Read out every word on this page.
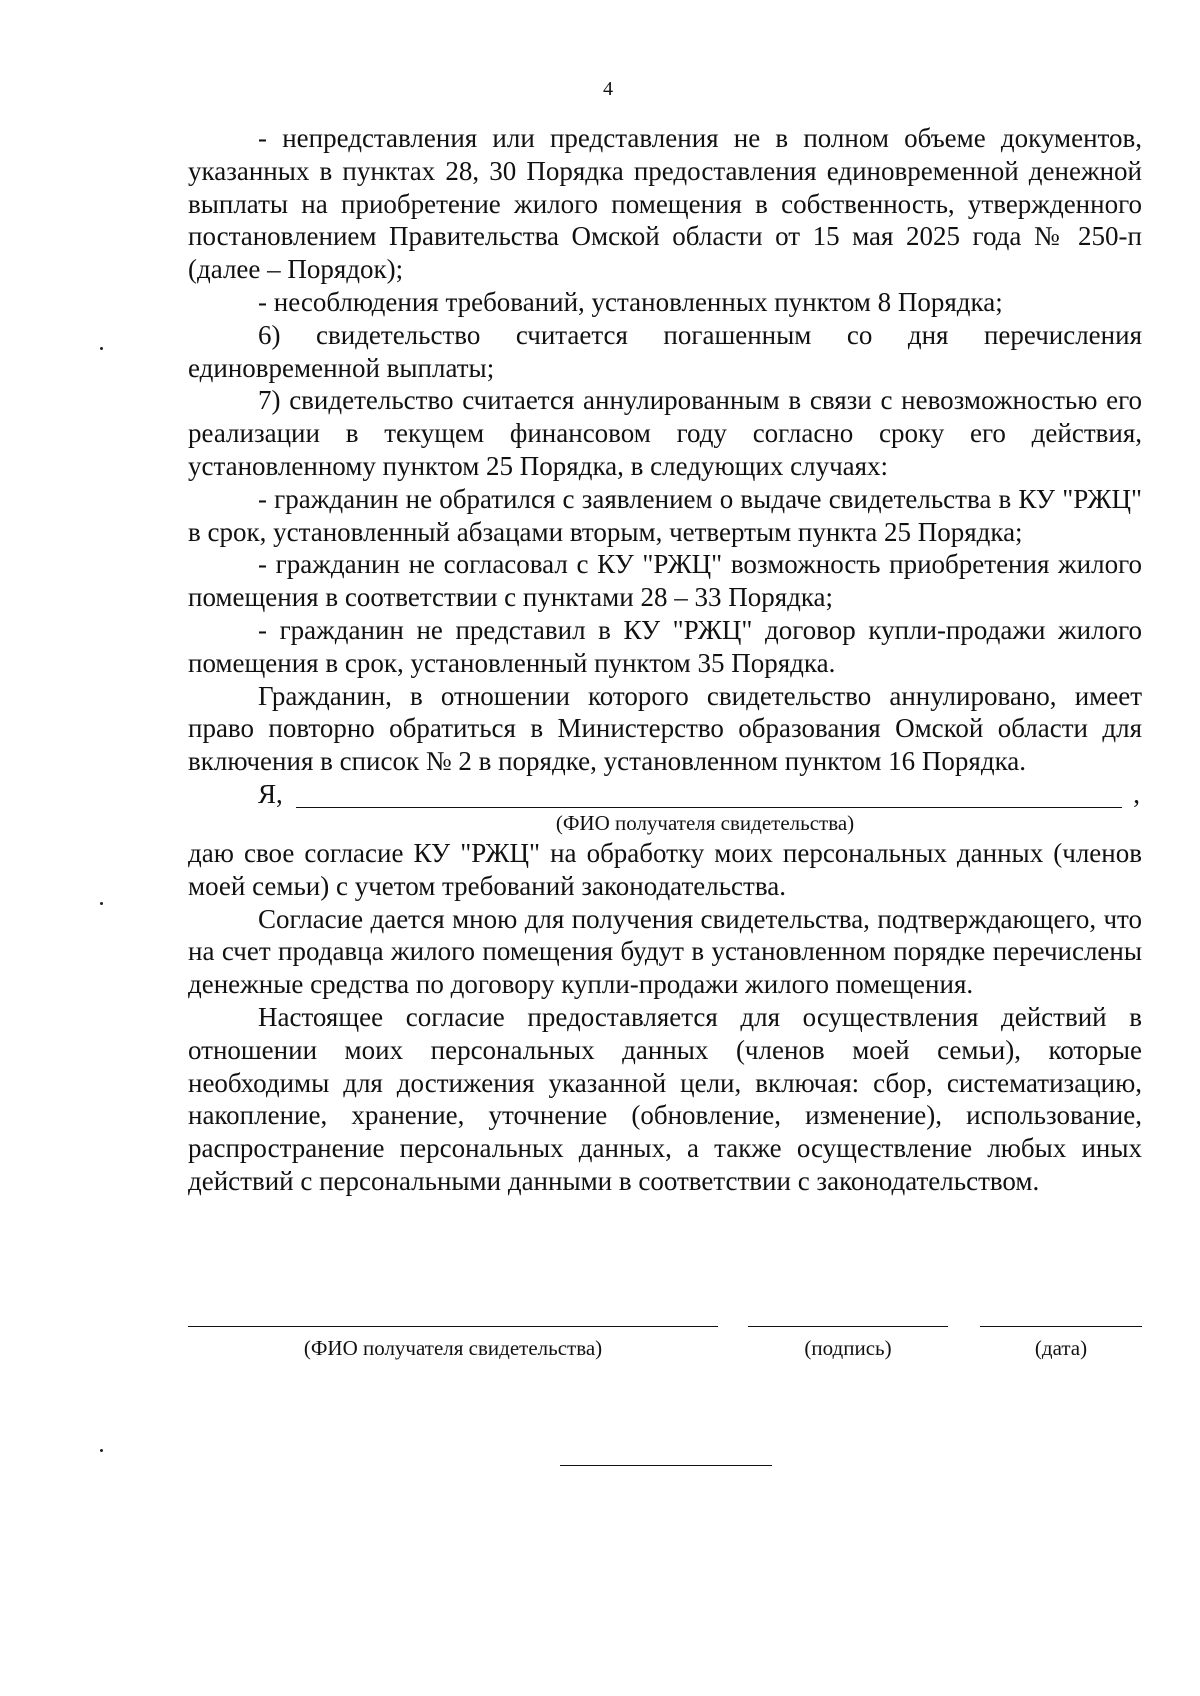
4

- непредставления или представления не в полном объеме документов, указанных в пунктах 28, 30 Порядка предоставления единовременной денежной выплаты на приобретение жилого помещения в собственность, утвержденного постановлением Правительства Омской области от 15 мая 2025 года № 250-п (далее – Порядок);

- несоблюдения требований, установленных пунктом 8 Порядка;

6) свидетельство считается погашенным со дня перечисления единовременной выплаты;

7) свидетельство считается аннулированным в связи с невозможностью его реализации в текущем финансовом году согласно сроку его действия, установленному пунктом 25 Порядка, в следующих случаях:

- гражданин не обратился с заявлением о выдаче свидетельства в КУ "РЖЦ" в срок, установленный абзацами вторым, четвертым пункта 25 Порядка;

- гражданин не согласовал с КУ "РЖЦ" возможность приобретения жилого помещения в соответствии с пунктами 28 – 33 Порядка;

- гражданин не представил в КУ "РЖЦ" договор купли-продажи жилого помещения в срок, установленный пунктом 35 Порядка.

Гражданин, в отношении которого свидетельство аннулировано, имеет право повторно обратиться в Министерство образования Омской области для включения в список № 2 в порядке, установленном пунктом 16 Порядка.

Я,	,
(ФИО получателя свидетельства)

даю свое согласие КУ "РЖЦ" на обработку моих персональных данных (членов моей семьи) с учетом требований законодательства.

Согласие дается мною для получения свидетельства, подтверждающего, что на счет продавца жилого помещения будут в установленном порядке перечислены денежные средства по договору купли-продажи жилого помещения.

Настоящее согласие предоставляется для осуществления действий в отношении моих персональных данных (членов моей семьи), которые необходимы для достижения указанной цели, включая: сбор, систематизацию, накопление, хранение, уточнение (обновление, изменение), использование, распространение персональных данных, а также осуществление любых иных действий с персональными данными в соответствии с законодательством.

(ФИО получателя свидетельства)	(подпись)	(дата)
